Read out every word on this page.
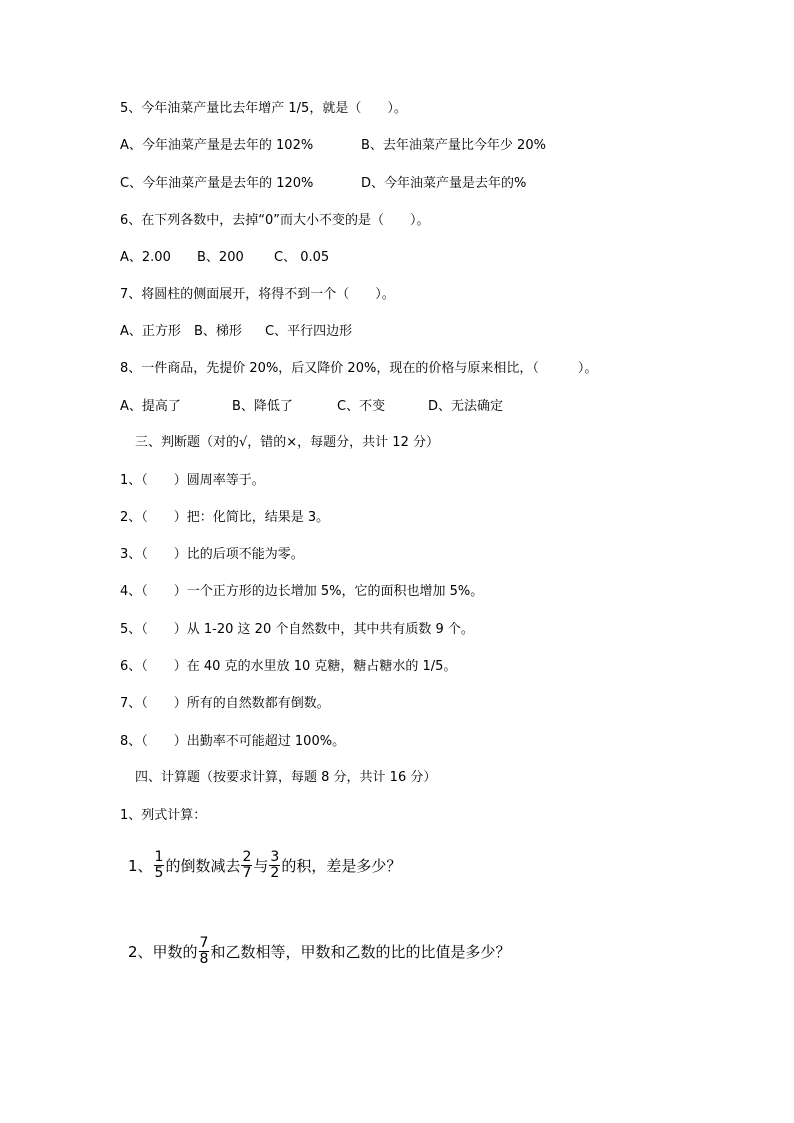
5、今年油菜产量比去年增产 1/5，就是（　　）。
A、今年油菜产量是去年的 102%	B、去年油菜产量比今年少 20%
C、今年油菜产量是去年的 120%	D、今年油菜产量是去年的%
6、在下列各数中，去掉“0”而大小不变的是（　　）。
A、2.00 B、200 C、 0.05
7、将圆柱的侧面展开，将得不到一个（　　）。
A、正方形 B、梯形 C、平行四边形
8、一件商品，先提价 20%，后又降价 20%，现在的价格与原来相比，（　　　）。
A、提高了	B、降低了	C、不变	D、无法确定
三、判断题（对的√，错的×，每题分，共计 12 分）
1、（　　）圆周率等于。
2、（　　）把：化简比，结果是 3。
3、（　　）比的后项不能为零。
4、（　　）一个正方形的边长增加 5%，它的面积也增加 5%。
5、（　　）从 1-20 这 20 个自然数中，其中共有质数 9 个。
6、（　　）在 40 克的水里放 10 克糖，糖占糖水的 1/5。
7、（　　）所有的自然数都有倒数。
8、（　　）出勤率不可能超过 100%。
四、计算题（按要求计算，每题 8 分，共计 16 分）
1、列式计算：
1、 $\frac{1}{5}$ 的倒数减去 $\frac{2}{7}$ 与 $\frac{3}{2}$ 的积，差是多少？
2、甲数的 $\frac{7}{8}$ 和乙数相等，甲数和乙数的比的比值是多少？
